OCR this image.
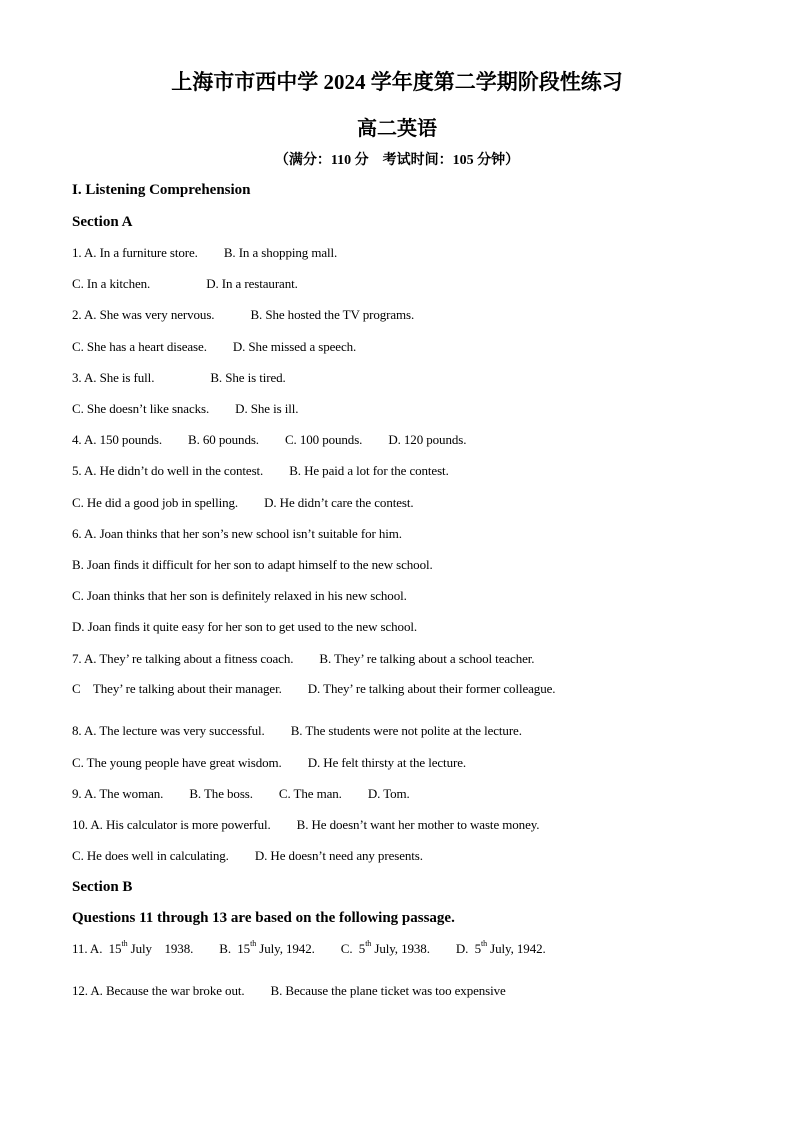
上海市市西中学 2024 学年度第二学期阶段性练习
高二英语
（满分：110 分 考试时间：105 分钟）
I. Listening Comprehension
Section A
1. A. In a furniture store. B. In a shopping mall.
C. In a kitchen.	D. In a restaurant.
2. A. She was very nervous.	B. She hosted the TV programs.
C. She has a heart disease. D. She missed a speech.
3. A. She is full.	B. She is tired.
C. She doesn’t like snacks. D. She is ill.
4. A. 150 pounds. B. 60 pounds. C. 100 pounds. D. 120 pounds.
5. A. He didn’t do well in the contest. B. He paid a lot for the contest.
C. He did a good job in spelling. D. He didn’t care the contest.
6. A. Joan thinks that her son’s new school isn’t suitable for him.
B. Joan finds it difficult for her son to adapt himself to the new school.
C. Joan thinks that her son is definitely relaxed in his new school.
D. Joan finds it quite easy for her son to get used to the new school.
7. A. They’ re talking about a fitness coach. B. They’ re talking about a school teacher.
C    They’ re talking about their manager. D. They’ re talking about their former colleague.
8. A. The lecture was very successful. B. The students were not polite at the lecture.
C. The young people have great wisdom. D. He felt thirsty at the lecture.
9. A. The woman. B. The boss. C. The man. D. Tom.
10. A. His calculator is more powerful. B. He doesn’t want her mother to waste money.
C. He does well in calculating. D. He doesn’t need any presents.
Section B
Questions 11 through 13 are based on the following passage.
11. A.  15th July    1938. B.  15th July, 1942. C.  5th July, 1938. D.  5th July, 1942.
12. A. Because the war broke out. B. Because the plane ticket was too expensive
